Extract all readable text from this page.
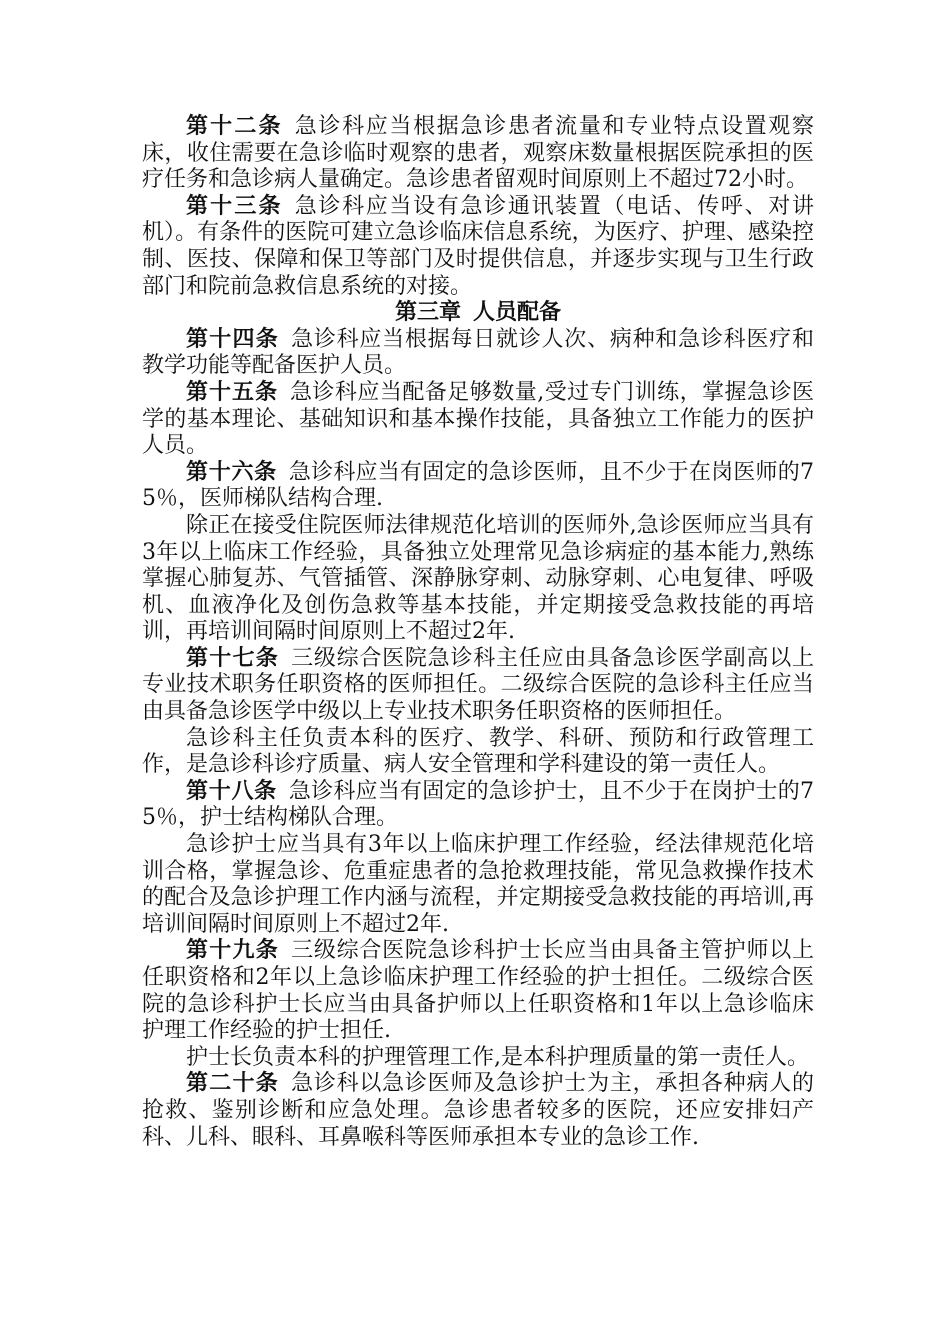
第十二条 急诊科应当根据急诊患者流量和专业特点设置观察床，收住需要在急诊临时观察的患者，观察床数量根据医院承担的医疗任务和急诊病人量确定。急诊患者留观时间原则上不超过72小时。

第十三条 急诊科应当设有急诊通讯装置（电话、传呼、对讲机）。有条件的医院可建立急诊临床信息系统，为医疗、护理、感染控制、医技、保障和保卫等部门及时提供信息，并逐步实现与卫生行政部门和院前急救信息系统的对接。

第三章 人员配备

第十四条 急诊科应当根据每日就诊人次、病种和急诊科医疗和教学功能等配备医护人员。

第十五条 急诊科应当配备足够数量,受过专门训练，掌握急诊医学的基本理论、基础知识和基本操作技能，具备独立工作能力的医护人员。

第十六条 急诊科应当有固定的急诊医师，且不少于在岗医师的75％，医师梯队结构合理.

除正在接受住院医师法律规范化培训的医师外,急诊医师应当具有3年以上临床工作经验，具备独立处理常见急诊病症的基本能力,熟练掌握心肺复苏、气管插管、深静脉穿刺、动脉穿刺、心电复律、呼吸机、血液净化及创伤急救等基本技能，并定期接受急救技能的再培训，再培训间隔时间原则上不超过2年.

第十七条 三级综合医院急诊科主任应由具备急诊医学副高以上专业技术职务任职资格的医师担任。二级综合医院的急诊科主任应当由具备急诊医学中级以上专业技术职务任职资格的医师担任。

急诊科主任负责本科的医疗、教学、科研、预防和行政管理工作，是急诊科诊疗质量、病人安全管理和学科建设的第一责任人。

第十八条 急诊科应当有固定的急诊护士，且不少于在岗护士的75％，护士结构梯队合理。

急诊护士应当具有3年以上临床护理工作经验，经法律规范化培训合格，掌握急诊、危重症患者的急抢救理技能，常见急救操作技术的配合及急诊护理工作内涵与流程，并定期接受急救技能的再培训,再培训间隔时间原则上不超过2年.

第十九条 三级综合医院急诊科护士长应当由具备主管护师以上任职资格和2年以上急诊临床护理工作经验的护士担任。二级综合医院的急诊科护士长应当由具备护师以上任职资格和1年以上急诊临床护理工作经验的护士担任.

护士长负责本科的护理管理工作,是本科护理质量的第一责任人。

第二十条 急诊科以急诊医师及急诊护士为主，承担各种病人的抢救、鉴别诊断和应急处理。急诊患者较多的医院，还应安排妇产科、儿科、眼科、耳鼻喉科等医师承担本专业的急诊工作.
